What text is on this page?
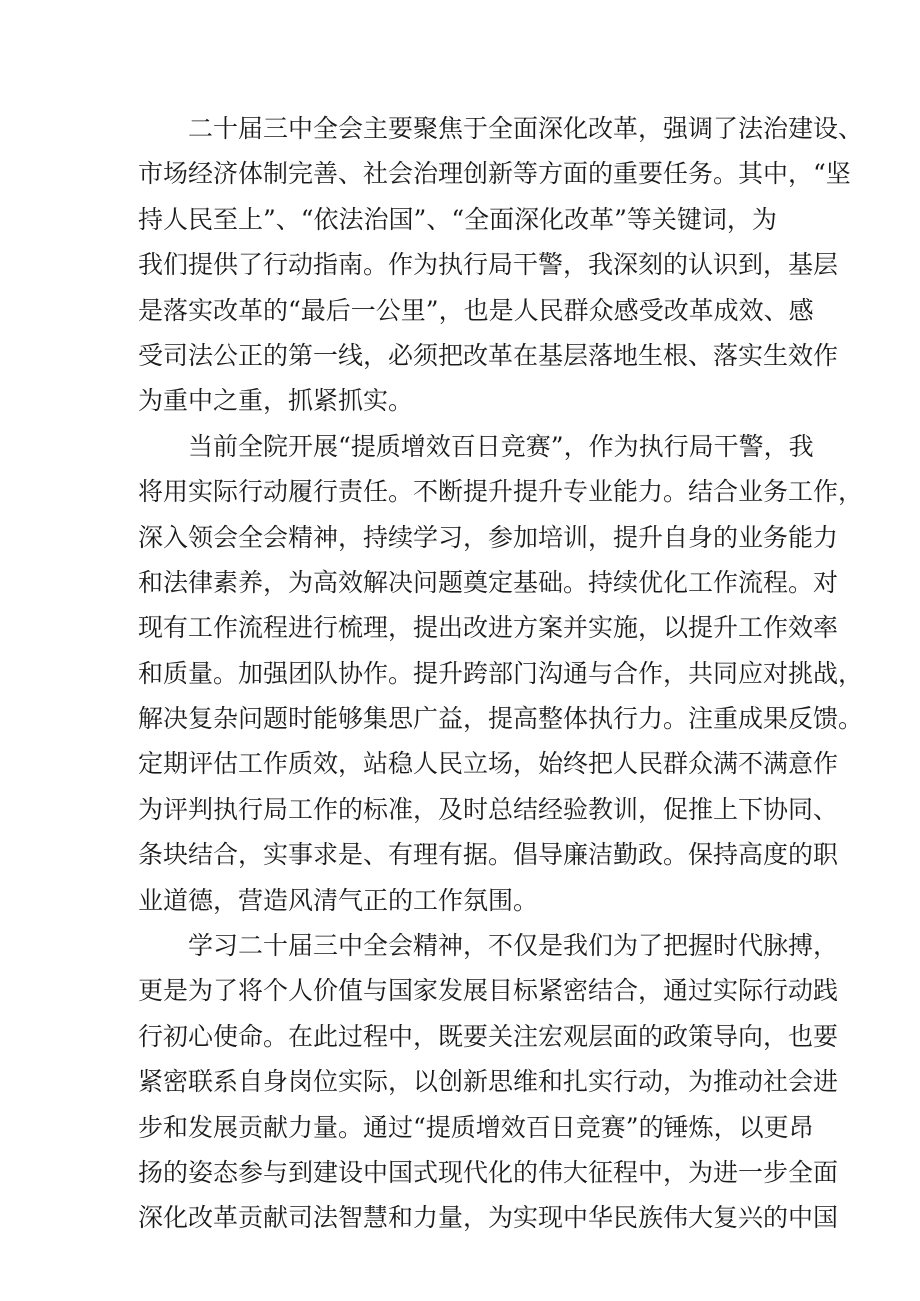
二十届三中全会主要聚焦于全面深化改革，强调了法治建设、
市场经济体制完善、社会治理创新等方面的重要任务。其中，“坚
持人民至上”、“依法治国”、“全面深化改革”等关键词，为
我们提供了行动指南。作为执行局干警，我深刻的认识到，基层
是落实改革的“最后一公里”，也是人民群众感受改革成效、感
受司法公正的第一线，必须把改革在基层落地生根、落实生效作
为重中之重，抓紧抓实。
当前全院开展“提质增效百日竞赛”，作为执行局干警，我
将用实际行动履行责任。不断提升提升专业能力。结合业务工作，
深入领会全会精神，持续学习，参加培训，提升自身的业务能力
和法律素养，为高效解决问题奠定基础。持续优化工作流程。对
现有工作流程进行梳理，提出改进方案并实施，以提升工作效率
和质量。加强团队协作。提升跨部门沟通与合作，共同应对挑战，
解决复杂问题时能够集思广益，提高整体执行力。注重成果反馈。
定期评估工作质效，站稳人民立场，始终把人民群众满不满意作
为评判执行局工作的标准，及时总结经验教训，促推上下协同、
条块结合，实事求是、有理有据。倡导廉洁勤政。保持高度的职
业道德，营造风清气正的工作氛围。
学习二十届三中全会精神，不仅是我们为了把握时代脉搏，
更是为了将个人价值与国家发展目标紧密结合，通过实际行动践
行初心使命。在此过程中，既要关注宏观层面的政策导向，也要
紧密联系自身岗位实际，以创新思维和扎实行动，为推动社会进
步和发展贡献力量。通过“提质增效百日竞赛”的锤炼，以更昂
扬的姿态参与到建设中国式现代化的伟大征程中，为进一步全面
深化改革贡献司法智慧和力量，为实现中华民族伟大复兴的中国
